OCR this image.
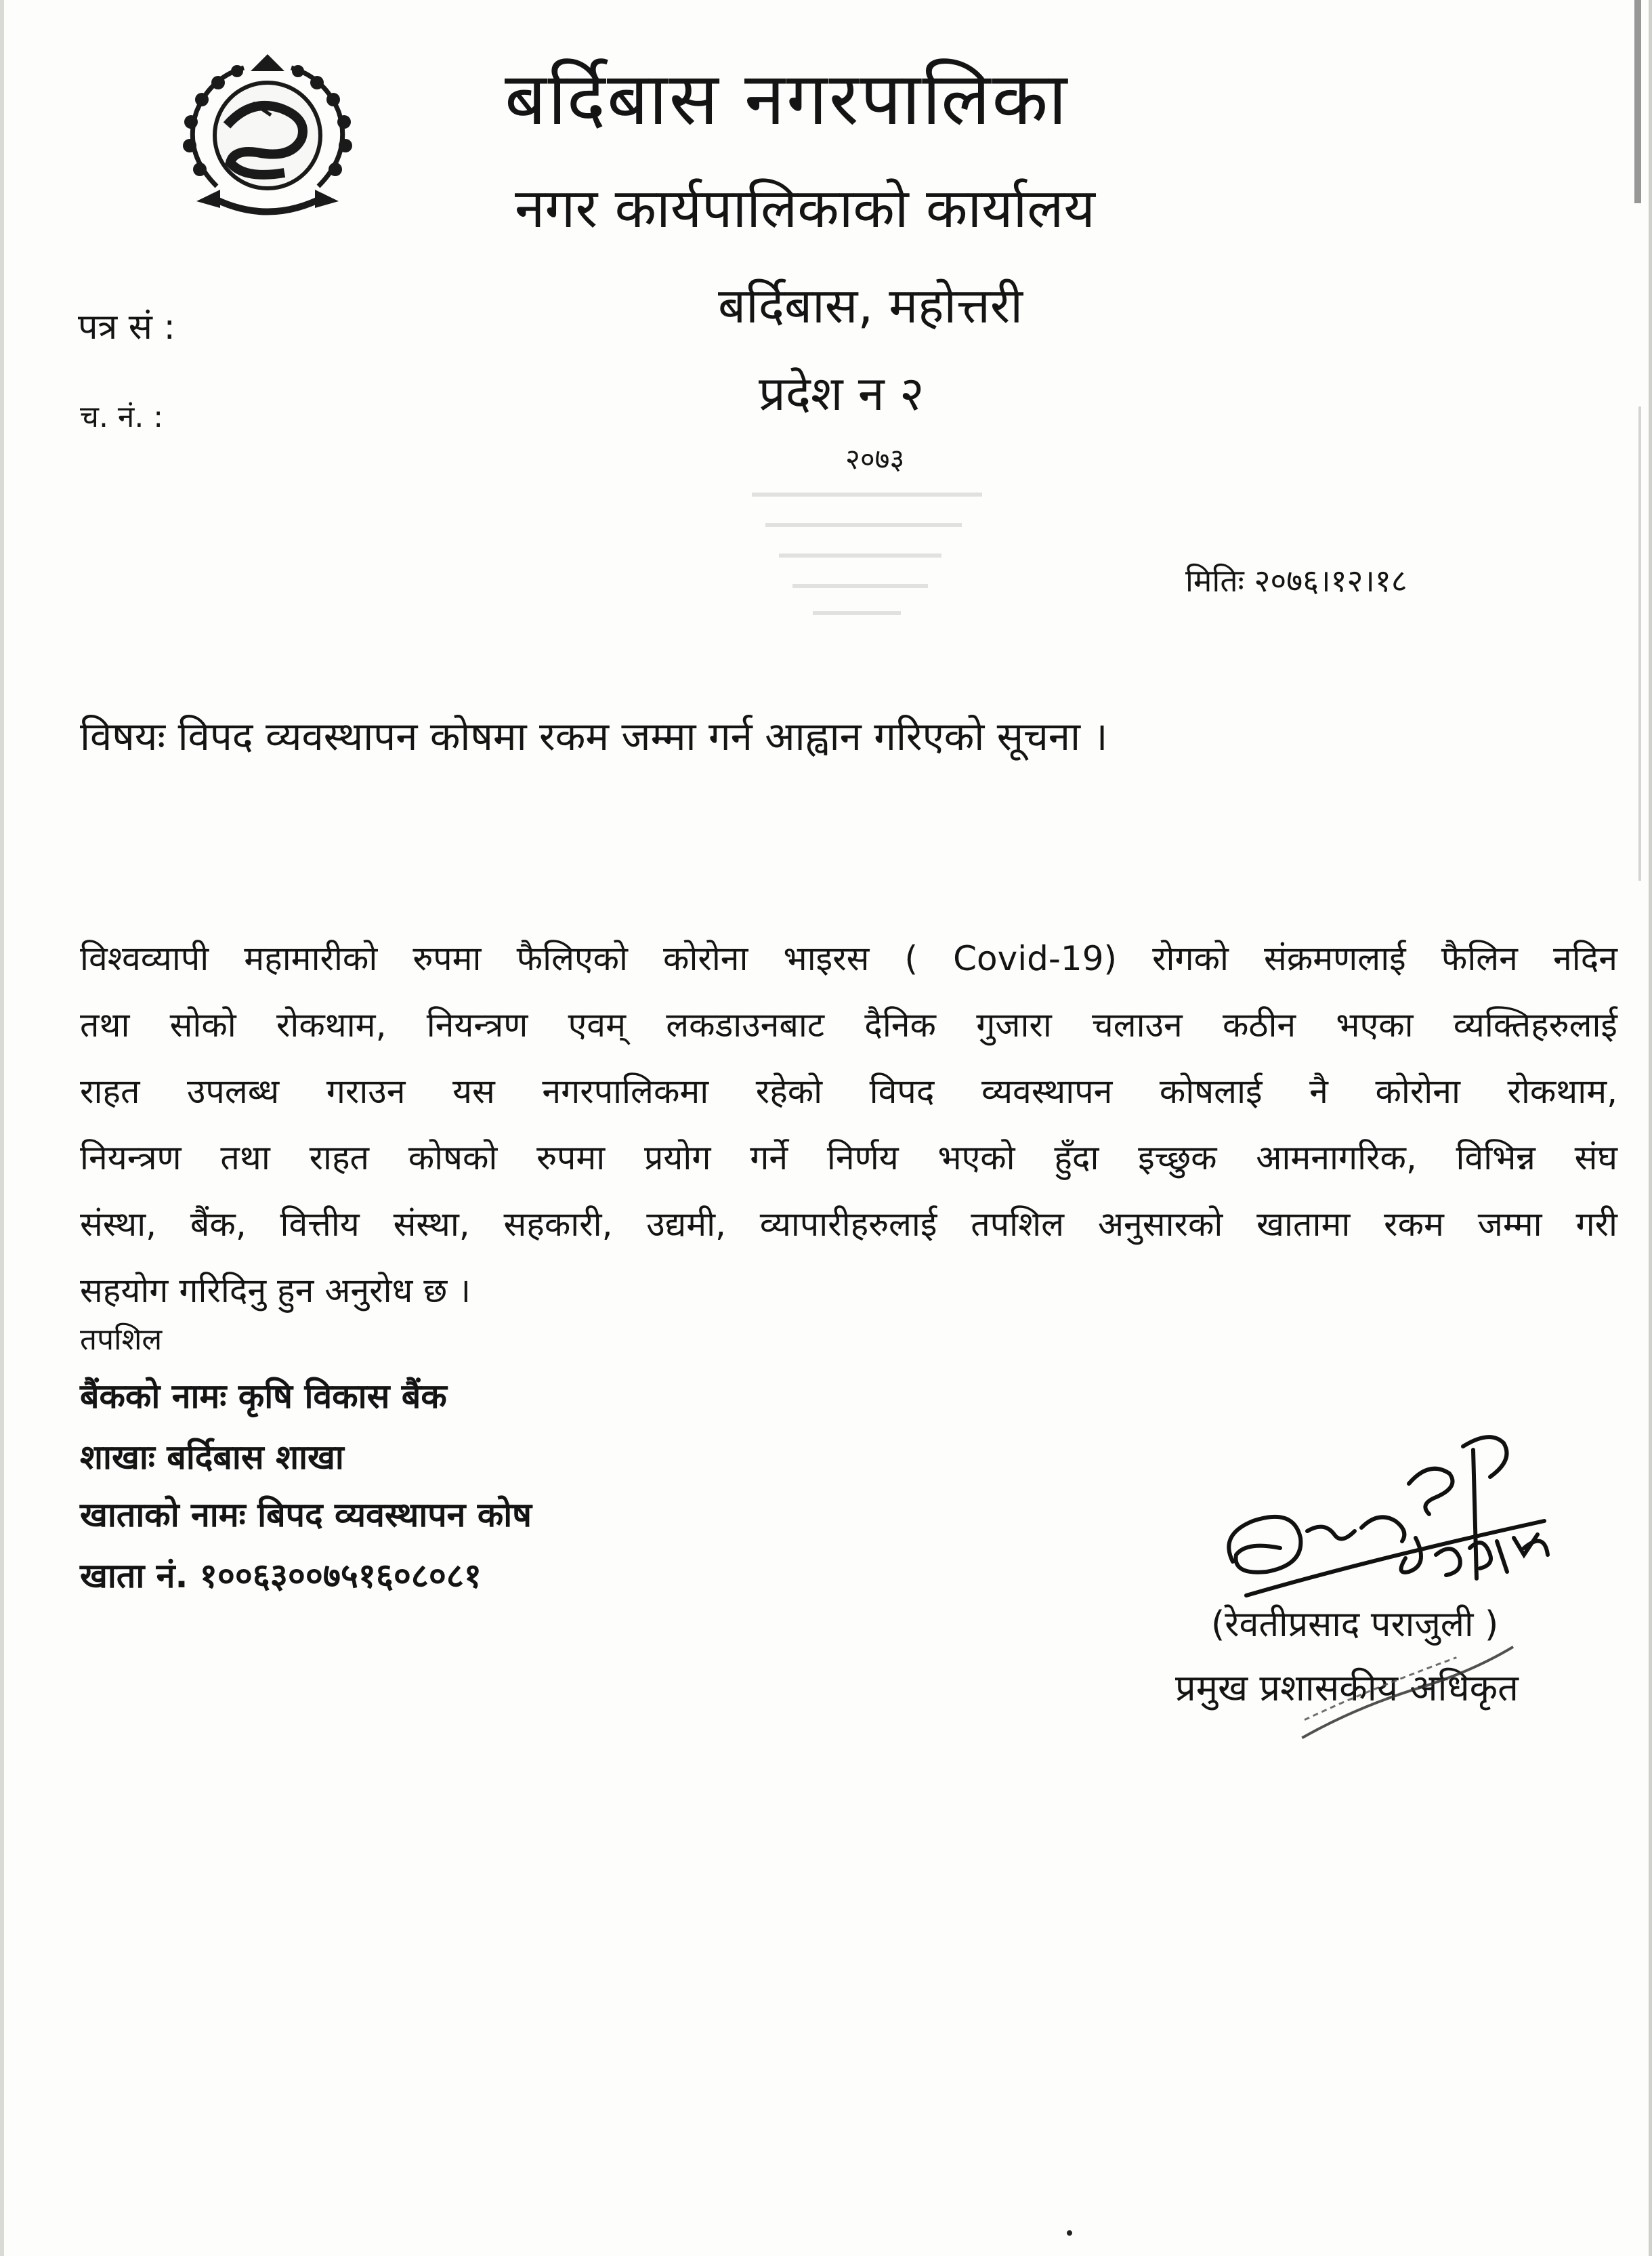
बर्दिबास नगरपालिका
नगर कार्यपालिकाको कार्यालय
बर्दिबास, महोत्तरी
प्रदेश न २
२०७३
पत्र सं :
च. नं. :
मितिः २०७६।१२।१८
विषयः विपद व्यवस्थापन कोषमा रकम जम्मा गर्न आह्वान गरिएको सूचना ।
विश्वव्यापी महामारीको रुपमा फैलिएको कोरोना भाइरस ( Covid-19) रोगको संक्रमणलाई फैलिन नदिन
तथा सोको रोकथाम, नियन्त्रण एवम् लकडाउनबाट दैनिक गुजारा चलाउन कठीन भएका व्यक्तिहरुलाई
राहत उपलब्ध गराउन यस नगरपालिकमा रहेको विपद व्यवस्थापन कोषलाई नै कोरोना रोकथाम,
नियन्त्रण तथा राहत कोषको रुपमा प्रयोग गर्ने निर्णय भएको हुँदा इच्छुक आमनागरिक, विभिन्न संघ
संस्था, बैंक, वित्तीय संस्था, सहकारी, उद्यमी, व्यापारीहरुलाई तपशिल अनुसारको खातामा रकम जम्मा गरी
सहयोग गरिदिनु हुन अनुरोध छ ।
तपशिल
बैंकको नामः कृषि विकास बैंक
शाखाः बर्दिबास शाखा
खाताको नामः बिपद व्यवस्थापन कोष
खाता नं. १००६३००७५१६०८०८१
(रेवतीप्रसाद पराजुली )
प्रमुख प्रशासकीय अधिकृत
